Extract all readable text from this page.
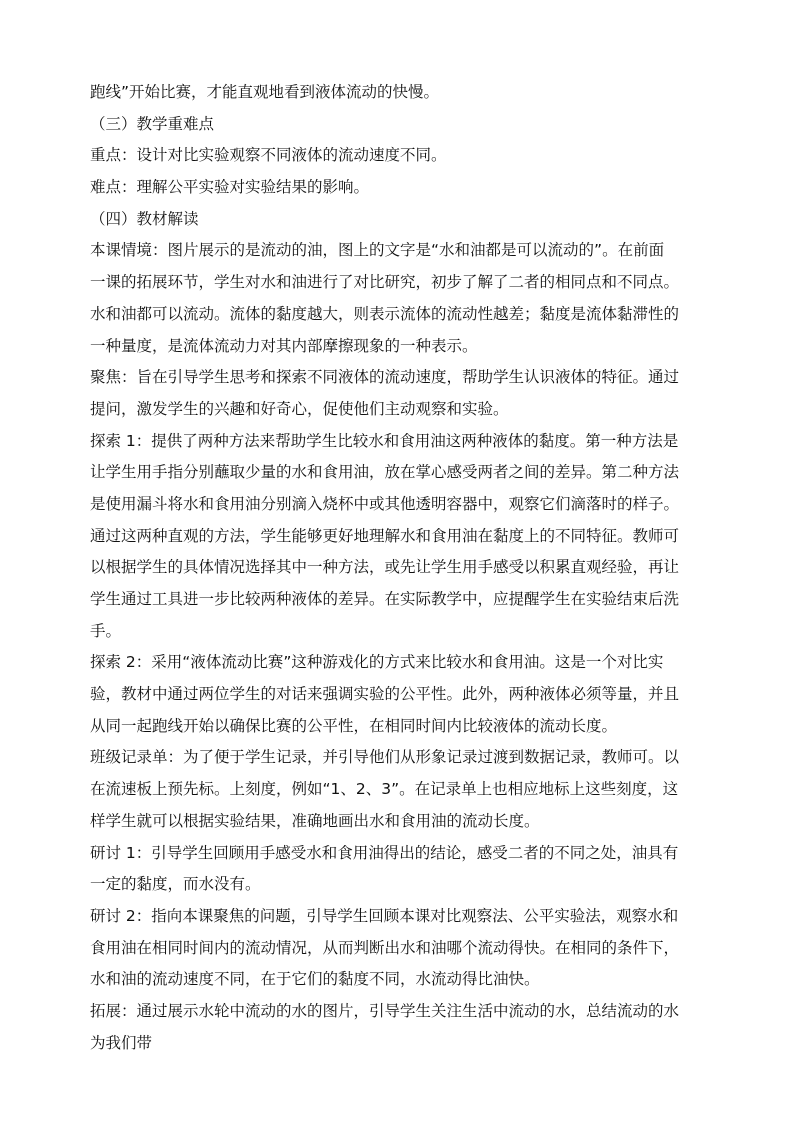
跑线”开始比赛，才能直观地看到液体流动的快慢。
（三）教学重难点
重点：设计对比实验观察不同液体的流动速度不同。
难点：理解公平实验对实验结果的影响。
（四）教材解读
本课情境：图片展示的是流动的油，图上的文字是“水和油都是可以流动的”。在前面
一课的拓展环节，学生对水和油进行了对比研究，初步了解了二者的相同点和不同点。
水和油都可以流动。流体的黏度越大，则表示流体的流动性越差；黏度是流体黏滞性的
一种量度，是流体流动力对其内部摩擦现象的一种表示。
聚焦：旨在引导学生思考和探索不同液体的流动速度，帮助学生认识液体的特征。通过
提问，激发学生的兴趣和好奇心，促使他们主动观察和实验。
探索 1：提供了两种方法来帮助学生比较水和食用油这两种液体的黏度。第一种方法是
让学生用手指分别蘸取少量的水和食用油，放在掌心感受两者之间的差异。第二种方法
是使用漏斗将水和食用油分别滴入烧杯中或其他透明容器中，观察它们滴落时的样子。
通过这两种直观的方法，学生能够更好地理解水和食用油在黏度上的不同特征。教师可
以根据学生的具体情况选择其中一种方法，或先让学生用手感受以积累直观经验，再让
学生通过工具进一步比较两种液体的差异。在实际教学中，应提醒学生在实验结束后洗
手。
探索 2：采用“液体流动比赛”这种游戏化的方式来比较水和食用油。这是一个对比实
验，教材中通过两位学生的对话来强调实验的公平性。此外，两种液体必须等量，并且
从同一起跑线开始以确保比赛的公平性，在相同时间内比较液体的流动长度。
班级记录单：为了便于学生记录，并引导他们从形象记录过渡到数据记录，教师可。以
在流速板上预先标。上刻度，例如“1、2、3”。在记录单上也相应地标上这些刻度，这
样学生就可以根据实验结果，准确地画出水和食用油的流动长度。
研讨 1：引导学生回顾用手感受水和食用油得出的结论，感受二者的不同之处，油具有
一定的黏度，而水没有。
研讨 2：指向本课聚焦的问题，引导学生回顾本课对比观察法、公平实验法，观察水和
食用油在相同时间内的流动情况，从而判断出水和油哪个流动得快。在相同的条件下，
水和油的流动速度不同，在于它们的黏度不同，水流动得比油快。
拓展：通过展示水轮中流动的水的图片，引导学生关注生活中流动的水，总结流动的水
为我们带
